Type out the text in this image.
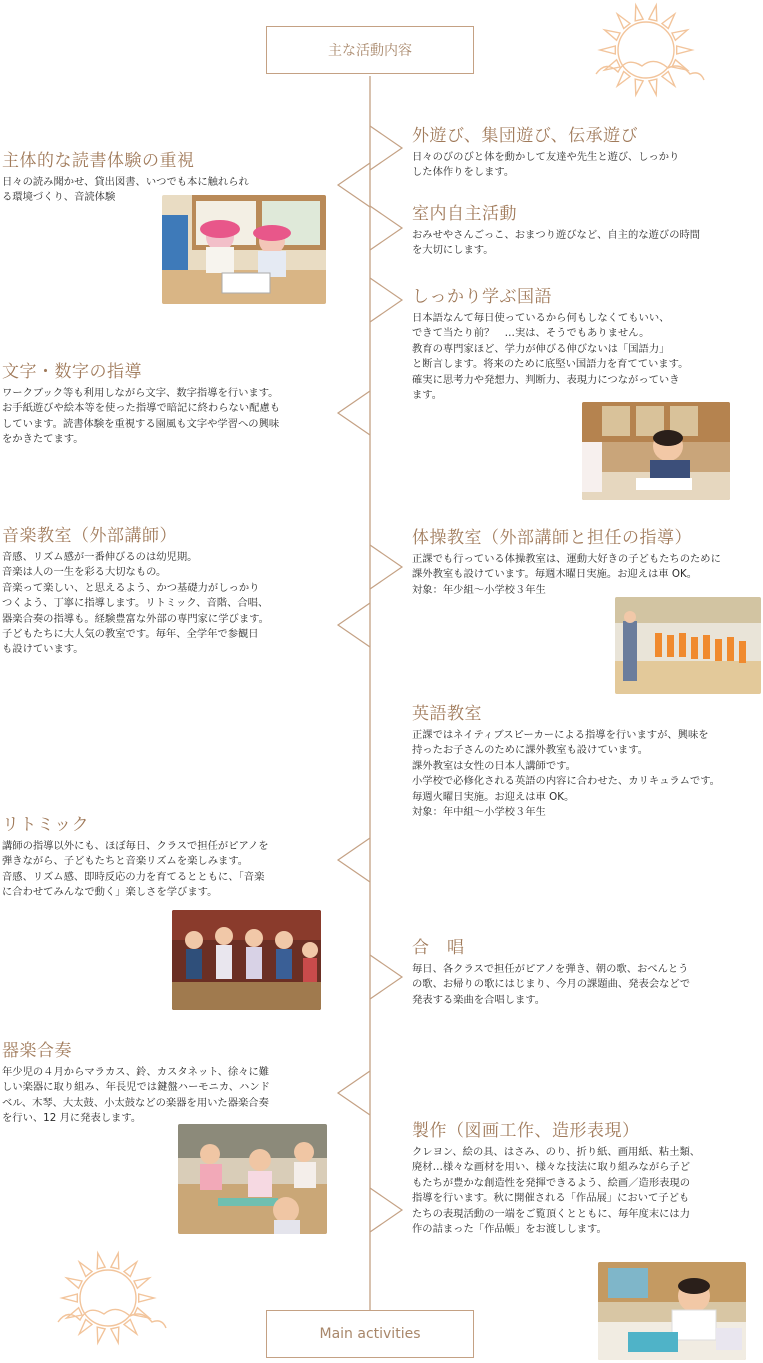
主な活動内容
Main activities
主体的な読書体験の重視

日々の読み聞かせ、貸出図書、いつでも本に触れられ
る環境づくり、音読体験

文字・数字の指導

ワークブック等も利用しながら文字、数字指導を行います。
お手紙遊びや絵本等を使った指導で暗記に終わらない配慮も
しています。読書体験を重視する園風も文字や学習への興味
をかきたてます。

音楽教室（外部講師）

音感、リズム感が一番伸びるのは幼児期。
音楽は人の一生を彩る大切なもの。
音楽って楽しい、と思えるよう、かつ基礎力がしっかり
つくよう、丁寧に指導します。リトミック、音階、合唱、
器楽合奏の指導も。経験豊富な外部の専門家に学びます。
子どもたちに大人気の教室です。毎年、全学年で参観日
も設けています。

リトミック

講師の指導以外にも、ほぼ毎日、クラスで担任がピアノを
弾きながら、子どもたちと音楽リズムを楽しみます。
音感、リズム感、即時反応の力を育てるとともに、「音楽
に合わせてみんなで動く」楽しさを学びます。

器楽合奏

年少児の４月からマラカス、鈴、カスタネット、徐々に難
しい楽器に取り組み、年長児では鍵盤ハーモニカ、ハンド
ベル、木琴、大太鼓、小太鼓などの楽器を用いた器楽合奏
を行い、12 月に発表します。

外遊び、集団遊び、伝承遊び

日々のびのびと体を動かして友達や先生と遊び、しっかり
した体作りをします。

室内自主活動

おみせやさんごっこ、おまつり遊びなど、自主的な遊びの時間
を大切にします。

しっかり学ぶ国語

日本語なんて毎日使っているから何もしなくてもいい、
できて当たり前？　…実は、そうでもありません。
教育の専門家ほど、学力が伸びる伸びないは「国語力」
と断言します。将来のために底堅い国語力を育てています。
確実に思考力や発想力、判断力、表現力につながっていき
ます。

体操教室（外部講師と担任の指導）

正課でも行っている体操教室は、運動大好きの子どもたちのために
課外教室も設けています。毎週木曜日実施。お迎えは車 OK。
対象：年少組〜小学校３年生

英語教室

正課ではネイティブスピーカーによる指導を行いますが、興味を
持ったお子さんのために課外教室も設けています。
課外教室は女性の日本人講師です。
小学校で必修化される英語の内容に合わせた、カリキュラムです。
毎週火曜日実施。お迎えは車 OK。
対象：年中組〜小学校３年生

合　唱

毎日、各クラスで担任がピアノを弾き、朝の歌、おべんとう
の歌、お帰りの歌にはじまり、今月の課題曲、発表会などで
発表する楽曲を合唱します。

製作（図画工作、造形表現）

クレヨン、絵の具、はさみ、のり、折り紙、画用紙、粘土類、
廃材…様々な画材を用い、様々な技法に取り組みながら子ど
もたちが豊かな創造性を発揮できるよう、絵画／造形表現の
指導を行います。秋に開催される「作品展」において子ども
たちの表現活動の一端をご覧頂くとともに、毎年度末には力
作の詰まった「作品帳」をお渡しします。
